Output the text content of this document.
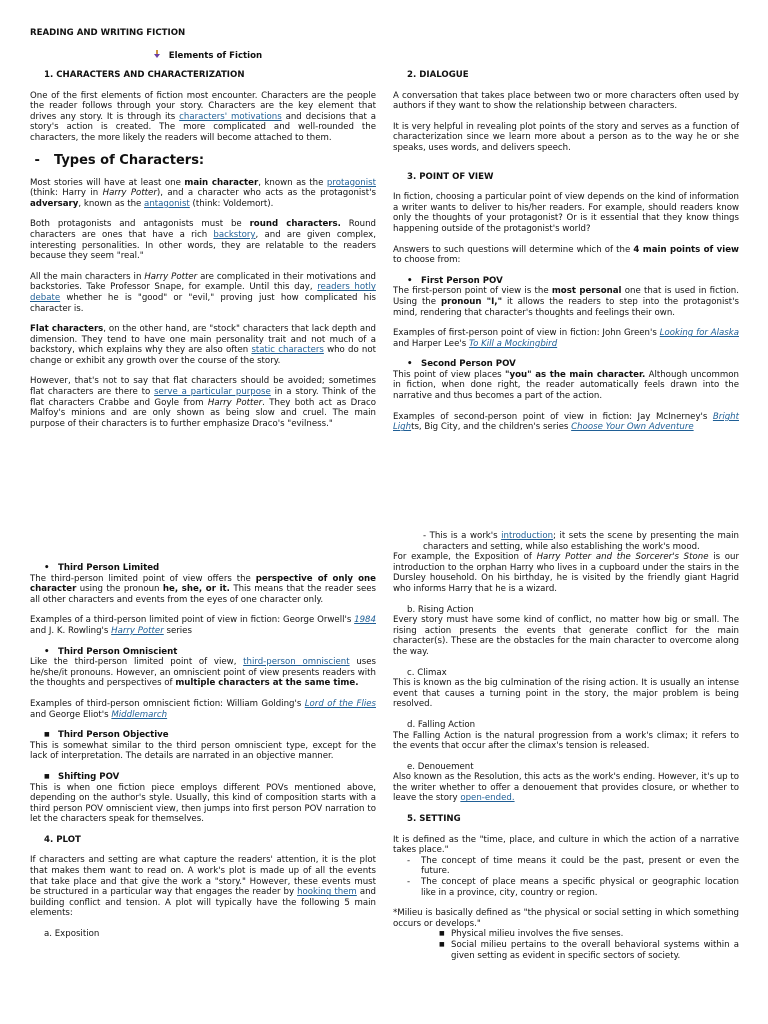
READING AND WRITING FICTION
Elements of Fiction
1. CHARACTERS AND CHARACTERIZATION

One of the first elements of fiction most encounter. Characters are the people the reader follows through your story. Characters are the key element that drives any story. It is through its characters' motivations and decisions that a story's action is created. The more complicated and well-rounded the characters, the more likely the readers will become attached to them.

- Types of Characters:

Most stories will have at least one main character, known as the protagonist (think: Harry in Harry Potter), and a character who acts as the protagonist's adversary, known as the antagonist (think: Voldemort).

Both protagonists and antagonists must be round characters. Round characters are ones that have a rich backstory, and are given complex, interesting personalities. In other words, they are relatable to the readers because they seem "real."

All the main characters in Harry Potter are complicated in their motivations and backstories. Take Professor Snape, for example. Until this day, readers hotly debate whether he is "good" or "evil," proving just how complicated his character is.

Flat characters, on the other hand, are "stock" characters that lack depth and dimension. They tend to have one main personality trait and not much of a backstory, which explains why they are also often static characters who do not change or exhibit any growth over the course of the story.

However, that's not to say that flat characters should be avoided; sometimes flat characters are there to serve a particular purpose in a story. Think of the flat characters Crabbe and Goyle from Harry Potter. They both act as Draco Malfoy's minions and are only shown as being slow and cruel. The main purpose of their characters is to further emphasize Draco's "evilness."

2. DIALOGUE

A conversation that takes place between two or more characters often used by authors if they want to show the relationship between characters.

It is very helpful in revealing plot points of the story and serves as a function of characterization since we learn more about a person as to the way he or she speaks, uses words, and delivers speech.

3. POINT OF VIEW

In fiction, choosing a particular point of view depends on the kind of information a writer wants to deliver to his/her readers. For example, should readers know only the thoughts of your protagonist? Or is it essential that they know things happening outside of the protagonist's world?

Answers to such questions will determine which of the 4 main points of view to choose from:

• First Person POV

The first-person point of view is the most personal one that is used in fiction. Using the pronoun "I," it allows the readers to step into the protagonist's mind, rendering that character's thoughts and feelings their own.

Examples of first-person point of view in fiction: John Green's Looking for Alaska and Harper Lee's To Kill a Mockingbird

• Second Person POV

This point of view places "you" as the main character. Although uncommon in fiction, when done right, the reader automatically feels drawn into the narrative and thus becomes a part of the action.

Examples of second-person point of view in fiction: Jay McInerney's Bright Lights, Big City, and the children's series Choose Your Own Adventure

• Third Person Limited

The third-person limited point of view offers the perspective of only one character using the pronoun he, she, or it. This means that the reader sees all other characters and events from the eyes of one character only.

Examples of a third-person limited point of view in fiction: George Orwell's 1984 and J. K. Rowling's Harry Potter series

• Third Person Omniscient

Like the third-person limited point of view, third-person omniscient uses he/she/it pronouns. However, an omniscient point of view presents readers with the thoughts and perspectives of multiple characters at the same time.

Examples of third-person omniscient fiction: William Golding's Lord of the Flies and George Eliot's Middlemarch

■ Third Person Objective

This is somewhat similar to the third person omniscient type, except for the lack of interpretation. The details are narrated in an objective manner.

■ Shifting POV

This is when one fiction piece employs different POVs mentioned above, depending on the author's style. Usually, this kind of composition starts with a third person POV omniscient view, then jumps into first person POV narration to let the characters speak for themselves.

4. PLOT

If characters and setting are what capture the readers' attention, it is the plot that makes them want to read on. A work's plot is made up of all the events that take place and that give the work a "story." However, these events must be structured in a particular way that engages the reader by hooking them and building conflict and tension. A plot will typically have the following 5 main elements:

a. Exposition

- This is a work's introduction; it sets the scene by presenting the main characters and setting, while also establishing the work's mood.

For example, the Exposition of Harry Potter and the Sorcerer's Stone is our introduction to the orphan Harry who lives in a cupboard under the stairs in the Dursley household. On his birthday, he is visited by the friendly giant Hagrid who informs Harry that he is a wizard.

b. Rising Action

Every story must have some kind of conflict, no matter how big or small. The rising action presents the events that generate conflict for the main character(s). These are the obstacles for the main character to overcome along the way.

c. Climax

This is known as the big culmination of the rising action. It is usually an intense event that causes a turning point in the story, the major problem is being resolved.

d. Falling Action

The Falling Action is the natural progression from a work's climax; it refers to the events that occur after the climax's tension is released.

e. Denouement

Also known as the Resolution, this acts as the work's ending. However, it's up to the writer whether to offer a denouement that provides closure, or whether to leave the story open-ended.

5. SETTING

It is defined as the "time, place, and culture in which the action of a narrative takes place."

- The concept of time means it could be the past, present or even the future.
- The concept of place means a specific physical or geographic location like in a province, city, country or region.

*Milieu is basically defined as "the physical or social setting in which something occurs or develops."

■ Physical milieu involves the five senses.
■ Social milieu pertains to the overall behavioral systems within a given setting as evident in specific sectors of society.
